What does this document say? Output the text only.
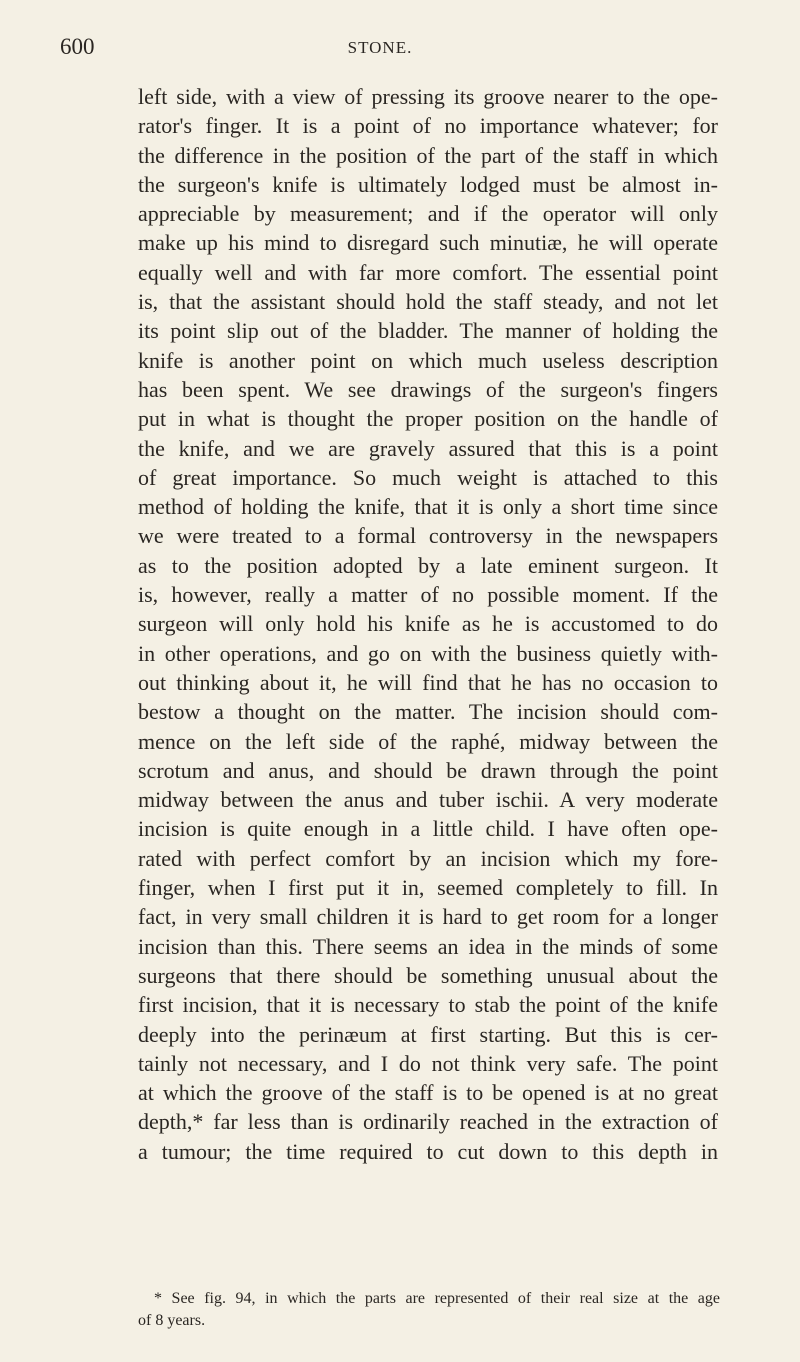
600	STONE.
left side, with a view of pressing its groove nearer to the ope-
rator's finger. It is a point of no importance whatever; for
the difference in the position of the part of the staff in which
the surgeon's knife is ultimately lodged must be almost in-
appreciable by measurement; and if the operator will only
make up his mind to disregard such minutiæ, he will operate
equally well and with far more comfort. The essential point
is, that the assistant should hold the staff steady, and not let
its point slip out of the bladder. The manner of holding the
knife is another point on which much useless description
has been spent. We see drawings of the surgeon's fingers
put in what is thought the proper position on the handle of
the knife, and we are gravely assured that this is a point
of great importance. So much weight is attached to this
method of holding the knife, that it is only a short time since
we were treated to a formal controversy in the newspapers
as to the position adopted by a late eminent surgeon. It
is, however, really a matter of no possible moment. If the
surgeon will only hold his knife as he is accustomed to do
in other operations, and go on with the business quietly with-
out thinking about it, he will find that he has no occasion to
bestow a thought on the matter. The incision should com-
mence on the left side of the raphé, midway between the
scrotum and anus, and should be drawn through the point
midway between the anus and tuber ischii. A very moderate
incision is quite enough in a little child. I have often ope-
rated with perfect comfort by an incision which my fore-
finger, when I first put it in, seemed completely to fill. In
fact, in very small children it is hard to get room for a longer
incision than this. There seems an idea in the minds of some
surgeons that there should be something unusual about the
first incision, that it is necessary to stab the point of the knife
deeply into the perinæum at first starting. But this is cer-
tainly not necessary, and I do not think very safe. The point
at which the groove of the staff is to be opened is at no great
depth,* far less than is ordinarily reached in the extraction of
a tumour; the time required to cut down to this depth in
* See fig. 94, in which the parts are represented of their real size at the age
of 8 years.
